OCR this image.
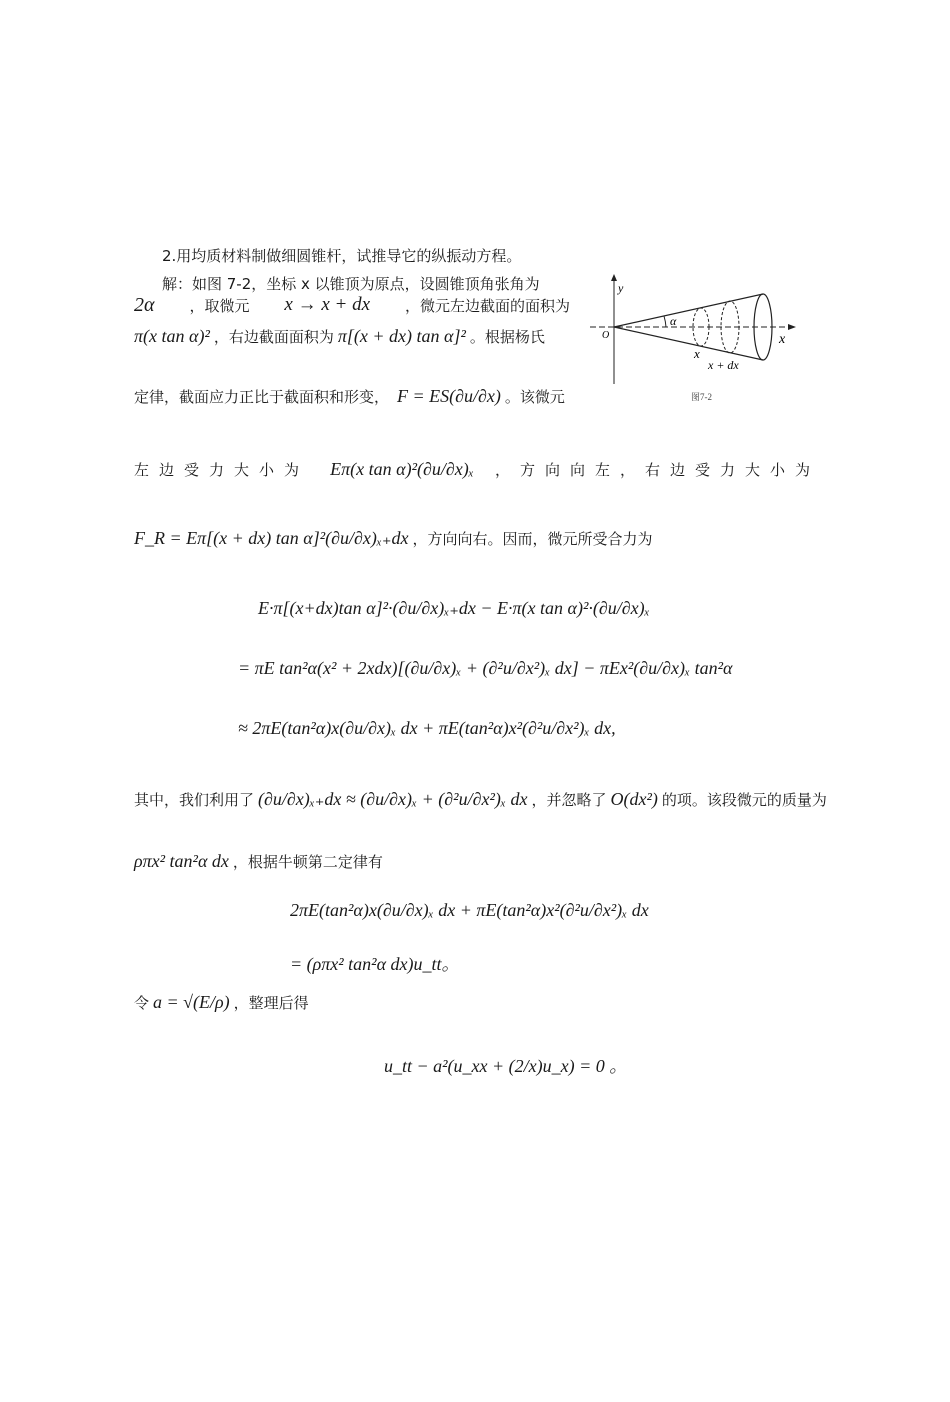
2.用均质材料制做细圆锥杆，试推导它的纵振动方程。
解：如图 7-2，坐标 x 以锥顶为原点，设圆锥顶角张角为
2α ，取微元 x → x + dx ，微元左边截面的面积为
π(x tan α)² ，右边截面面积为 π[(x + dx) tan α]² 。根据杨氏
定律，截面应力正比于截面积和形变， F = ES(∂u/∂x) 。该微元
y
x
O
α
x
x + dx
图7-2
左边受力大小为 Eπ(x tan α)²(∂u/∂x)ₓ ，方向向左，右边受力大小为
F_R = Eπ[(x + dx) tan α]²(∂u/∂x)ₓ₊dx ，方向向右。因而，微元所受合力为
E·π[(x+dx)tan α]²·(∂u/∂x)ₓ₊dx − E·π(x tan α)²·(∂u/∂x)ₓ
= πE tan²α(x² + 2xdx)[(∂u/∂x)ₓ + (∂²u/∂x²)ₓ dx] − πEx²(∂u/∂x)ₓ tan²α
≈ 2πE(tan²α)x(∂u/∂x)ₓ dx + πE(tan²α)x²(∂²u/∂x²)ₓ dx,
其中，我们利用了 (∂u/∂x)ₓ₊dx ≈ (∂u/∂x)ₓ + (∂²u/∂x²)ₓ dx ，并忽略了 O(dx²) 的项。该段微元的质量为
ρπx² tan²α dx ，根据牛顿第二定律有
2πE(tan²α)x(∂u/∂x)ₓ dx + πE(tan²α)x²(∂²u/∂x²)ₓ dx
= (ρπx² tan²α dx)u_tt。
令 a = √(E/ρ) ，整理后得
u_tt − a²(u_xx + (2/x)u_x) = 0 。
